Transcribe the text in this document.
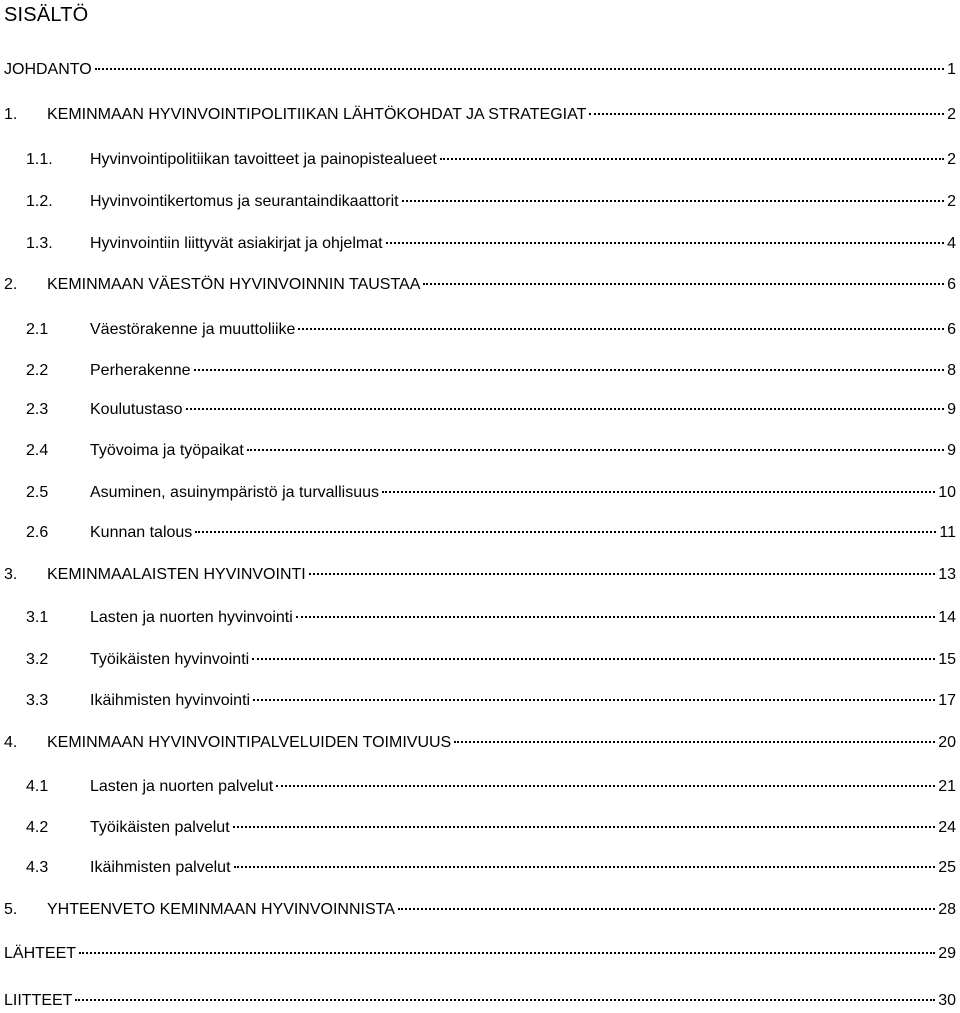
SISÄLTÖ
JOHDANTO	1
1.	KEMINMAAN HYVINVOINTIPOLITIIKAN LÄHTÖKOHDAT JA STRATEGIAT	2
1.1.	Hyvinvointipolitiikan tavoitteet ja painopistealueet	2
1.2.	Hyvinvointikertomus ja seurantaindikaattorit	2
1.3.	Hyvinvointiin liittyvät asiakirjat ja ohjelmat	4
2.	KEMINMAAN VÄESTÖN HYVINVOINNIN TAUSTAA	6
2.1	Väestörakenne ja muuttoliike	6
2.2	Perherakenne	8
2.3	Koulutustaso	9
2.4	Työvoima ja työpaikat	9
2.5	Asuminen, asuinympäristö ja turvallisuus	10
2.6	Kunnan talous	11
3.	KEMINMAALAISTEN HYVINVOINTI	13
3.1	Lasten ja nuorten hyvinvointi	14
3.2	Työikäisten hyvinvointi	15
3.3	Ikäihmisten hyvinvointi	17
4.	KEMINMAAN HYVINVOINTIPALVELUIDEN TOIMIVUUS	20
4.1	Lasten ja nuorten palvelut	21
4.2	Työikäisten palvelut	24
4.3	Ikäihmisten palvelut	25
5.	YHTEENVETO KEMINMAAN HYVINVOINNISTA	28
LÄHTEET	29
LIITTEET	30
